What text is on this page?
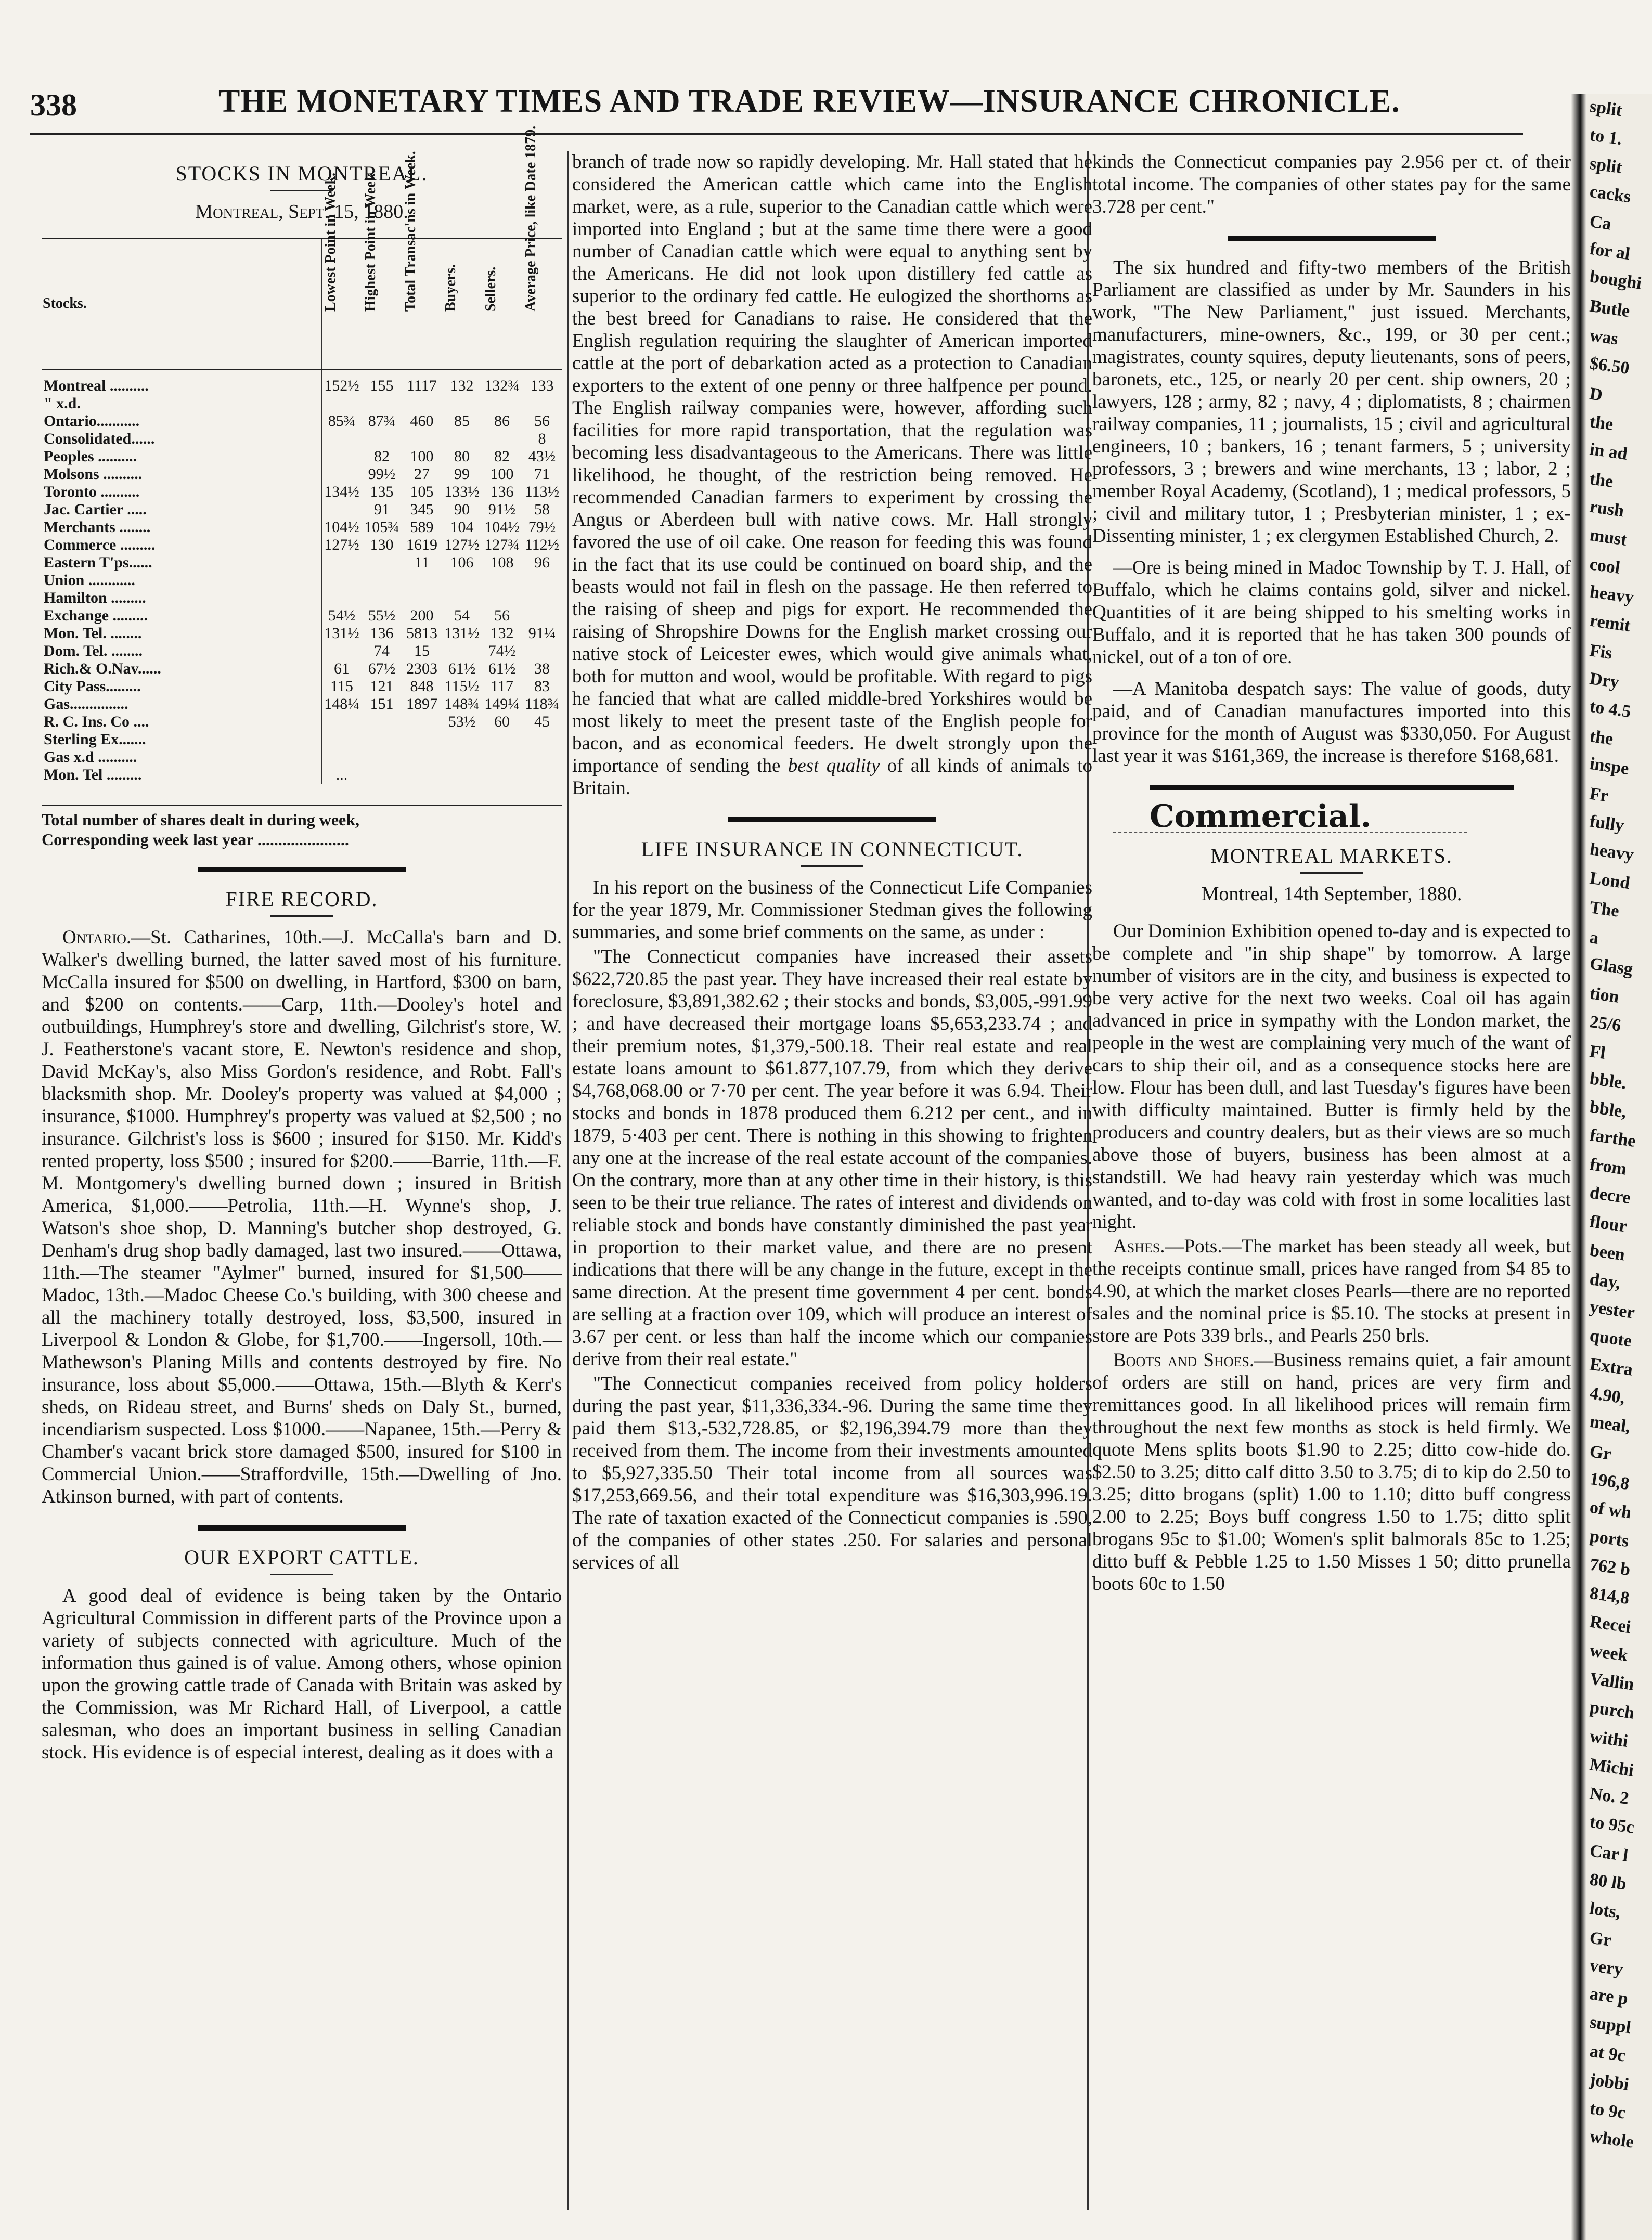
338	THE MONETARY TIMES AND TRADE REVIEW—INSURANCE CHRONICLE.
STOCKS IN MONTREAL.
Montreal, Sept. 15, 1880.
Stocks.	Lowest Point in Week.	Highest Point in Week.	Total Transac'ns in Week.	Buyers.	Sellers.	Average Price, like Date 1879.
Montreal ..........	152½	155	1117	132	132¾	133
" x.d.						
Ontario...........	85¾	87¾	460	85	86	56
Consolidated......						8
Peoples ..........		82	100	80	82	43½
Molsons ..........		99½	27	99	100	71
Toronto ..........	134½	135	105	133½	136	113½
Jac. Cartier .....		91	345	90	91½	58
Merchants ........	104½	105¾	589	104	104½	79½
Commerce .........	127½	130	1619	127½	127¾	112½
Eastern T'ps......			11	106	108	96
Union ............						
Hamilton .........						
Exchange .........	54½	55½	200	54	56	
Mon. Tel. ........	131½	136	5813	131½	132	91¼
Dom. Tel. ........		74	15		74½	
Rich.& O.Nav......	61	67½	2303	61½	61½	38
City Pass.........	115	121	848	115½	117	83
Gas...............	148¼	151	1897	148¾	149¼	118¾
R. C. Ins. Co ....				53½	60	45
Sterling Ex.......						
Gas x.d ..........						
Mon. Tel .........	...					
Total number of shares dealt in during week,
Corresponding week last year ......................
FIRE RECORD.

Ontario.—St. Catharines, 10th.—J. McCalla's barn and D. Walker's dwelling burned, the latter saved most of his furniture. McCalla insured for $500 on dwelling, in Hartford, $300 on barn, and $200 on contents.——Carp, 11th.—Dooley's hotel and outbuildings, Humphrey's store and dwelling, Gilchrist's store, W. J. Featherstone's vacant store, E. Newton's residence and shop, David McKay's, also Miss Gordon's residence, and Robt. Fall's blacksmith shop. Mr. Dooley's property was valued at $4,000 ; insurance, $1000. Humphrey's property was valued at $2,500 ; no insurance. Gilchrist's loss is $600 ; insured for $150. Mr. Kidd's rented property, loss $500 ; insured for $200.——Barrie, 11th.—F. M. Montgomery's dwelling burned down ; insured in British America, $1,000.——Petrolia, 11th.—H. Wynne's shop, J. Watson's shoe shop, D. Manning's butcher shop destroyed, G. Denham's drug shop badly damaged, last two insured.——Ottawa, 11th.—The steamer "Aylmer" burned, insured for $1,500——Madoc, 13th.—Madoc Cheese Co.'s building, with 300 cheese and all the machinery totally destroyed, loss, $3,500, insured in Liverpool & London & Globe, for $1,700.——Ingersoll, 10th.—Mathewson's Planing Mills and contents destroyed by fire. No insurance, loss about $5,000.——Ottawa, 15th.—Blyth & Kerr's sheds, on Rideau street, and Burns' sheds on Daly St., burned, incendiarism suspected. Loss $1000.——Napanee, 15th.—Perry & Chamber's vacant brick store damaged $500, insured for $100 in Commercial Union.——Straffordville, 15th.—Dwelling of Jno. Atkinson burned, with part of contents.

OUR EXPORT CATTLE.

A good deal of evidence is being taken by the Ontario Agricultural Commission in different parts of the Province upon a variety of subjects connected with agriculture. Much of the information thus gained is of value. Among others, whose opinion upon the growing cattle trade of Canada with Britain was asked by the Commission, was Mr Richard Hall, of Liverpool, a cattle salesman, who does an important business in selling Canadian stock. His evidence is of especial interest, dealing as it does with a

branch of trade now so rapidly developing. Mr. Hall stated that he considered the American cattle which came into the English market, were, as a rule, superior to the Canadian cattle which were imported into England ; but at the same time there were a good number of Canadian cattle which were equal to anything sent by the Americans. He did not look upon distillery fed cattle as superior to the ordinary fed cattle. He eulogized the shorthorns as the best breed for Canadians to raise. He considered that the English regulation requiring the slaughter of American imported cattle at the port of debarkation acted as a protection to Canadian exporters to the extent of one penny or three halfpence per pound. The English railway companies were, however, affording such facilities for more rapid transportation, that the regulation was becoming less disadvantageous to the Americans. There was little likelihood, he thought, of the restriction being removed. He recommended Canadian farmers to experiment by crossing the Angus or Aberdeen bull with native cows. Mr. Hall strongly favored the use of oil cake. One reason for feeding this was found in the fact that its use could be continued on board ship, and the beasts would not fail in flesh on the passage. He then referred to the raising of sheep and pigs for export. He recommended the raising of Shropshire Downs for the English market crossing our native stock of Leicester ewes, which would give animals what, both for mutton and wool, would be profitable. With regard to pigs he fancied that what are called middle-bred Yorkshires would be most likely to meet the present taste of the English people for bacon, and as economical feeders. He dwelt strongly upon the importance of sending the best quality of all kinds of animals to Britain.

LIFE INSURANCE IN CONNECTICUT.

In his report on the business of the Connecticut Life Companies for the year 1879, Mr. Commissioner Stedman gives the following summaries, and some brief comments on the same, as under :

"The Connecticut companies have increased their assets $622,720.85 the past year. They have increased their real estate by foreclosure, $3,891,382.62 ; their stocks and bonds, $3,005,-991.99 ; and have decreased their mortgage loans $5,653,233.74 ; and their premium notes, $1,379,-500.18. Their real estate and real estate loans amount to $61.877,107.79, from which they derive $4,768,068.00 or 7·70 per cent. The year before it was 6.94. Their stocks and bonds in 1878 produced them 6.212 per cent., and in 1879, 5·403 per cent. There is nothing in this showing to frighten any one at the increase of the real estate account of the companies. On the contrary, more than at any other time in their history, is this seen to be their true reliance. The rates of interest and dividends on reliable stock and bonds have constantly diminished the past year in proportion to their market value, and there are no present indications that there will be any change in the future, except in the same direction. At the present time government 4 per cent. bonds are selling at a fraction over 109, which will produce an interest of 3.67 per cent. or less than half the income which our companies derive from their real estate."

"The Connecticut companies received from policy holders during the past year, $11,336,334.-96. During the same time they paid them $13,-532,728.85, or $2,196,394.79 more than they received from them. The income from their investments amounted to $5,927,335.50 Their total income from all sources was $17,253,669.56, and their total expenditure was $16,303,996.19. The rate of taxation exacted of the Connecticut companies is .590, of the companies of other states .250. For salaries and personal services of all

kinds the Connecticut companies pay 2.956 per ct. of their total income. The companies of other states pay for the same 3.728 per cent."

The six hundred and fifty-two members of the British Parliament are classified as under by Mr. Saunders in his work, "The New Parliament," just issued. Merchants, manufacturers, mine-owners, &c., 199, or 30 per cent.; magistrates, county squires, deputy lieutenants, sons of peers, baronets, etc., 125, or nearly 20 per cent. ship owners, 20 ; lawyers, 128 ; army, 82 ; navy, 4 ; diplomatists, 8 ; chairmen railway companies, 11 ; journalists, 15 ; civil and agricultural engineers, 10 ; bankers, 16 ; tenant farmers, 5 ; university professors, 3 ; brewers and wine merchants, 13 ; labor, 2 ; member Royal Academy, (Scotland), 1 ; medical professors, 5 ; civil and military tutor, 1 ; Presbyterian minister, 1 ; ex-Dissenting minister, 1 ; ex clergymen Established Church, 2.

—Ore is being mined in Madoc Township by T. J. Hall, of Buffalo, which he claims contains gold, silver and nickel. Quantities of it are being shipped to his smelting works in Buffalo, and it is reported that he has taken 300 pounds of nickel, out of a ton of ore.

—A Manitoba despatch says: The value of goods, duty paid, and of Canadian manufactures imported into this province for the month of August was $330,050. For August last year it was $161,369, the increase is therefore $168,681.

Commercial.
MONTREAL MARKETS.
Montreal, 14th September, 1880.

Our Dominion Exhibition opened to-day and is expected to be complete and "in ship shape" by tomorrow. A large number of visitors are in the city, and business is expected to be very active for the next two weeks. Coal oil has again advanced in price in sympathy with the London market, the people in the west are complaining very much of the want of cars to ship their oil, and as a consequence stocks here are low. Flour has been dull, and last Tuesday's figures have been with difficulty maintained. Butter is firmly held by the producers and country dealers, but as their views are so much above those of buyers, business has been almost at a standstill. We had heavy rain yesterday which was much wanted, and to-day was cold with frost in some localities last night.

Ashes.—Pots.—The market has been steady all week, but the receipts continue small, prices have ranged from $4 85 to 4.90, at which the market closes Pearls—there are no reported sales and the nominal price is $5.10. The stocks at present in store are Pots 339 brls., and Pearls 250 brls.

Boots and Shoes.—Business remains quiet, a fair amount of orders are still on hand, prices are very firm and remittances good. In all likelihood prices will remain firm throughout the next few months as stock is held firmly. We quote Mens splits boots $1.90 to 2.25; ditto cow-hide do. $2.50 to 3.25; ditto calf ditto 3.50 to 3.75; di to kip do 2.50 to 3.25; ditto brogans (split) 1.00 to 1.10; ditto buff congress 2.00 to 2.25; Boys buff congress 1.50 to 1.75; ditto split brogans 95c to $1.00; Women's split balmorals 85c to 1.25; ditto buff & Pebble 1.25 to 1.50 Misses 1 50; ditto prunella boots 60c to 1.50

split
to 1.
split
cacks
Ca
for al
boughi
Butle
was
$6.50
D
the
in ad
the
rush
must
cool
heavy
remit
Fis
Dry
to 4.5
the
inspe
Fr
fully
heavy
Lond
The
a
Glasg
tion
25/6
Fl
bble.
bble,
farthe
from
decre
flour
been
day,
yester
quote
Extra
4.90,
meal,
Gr
196,8
of wh
ports
762 b
814,8
Recei
week
Vallin
purch
withi
Michi
No. 2
to 95c
Car l
80 lb
lots,
Gr
very
are p
suppl
at 9c
jobbi
to 9c
whole
